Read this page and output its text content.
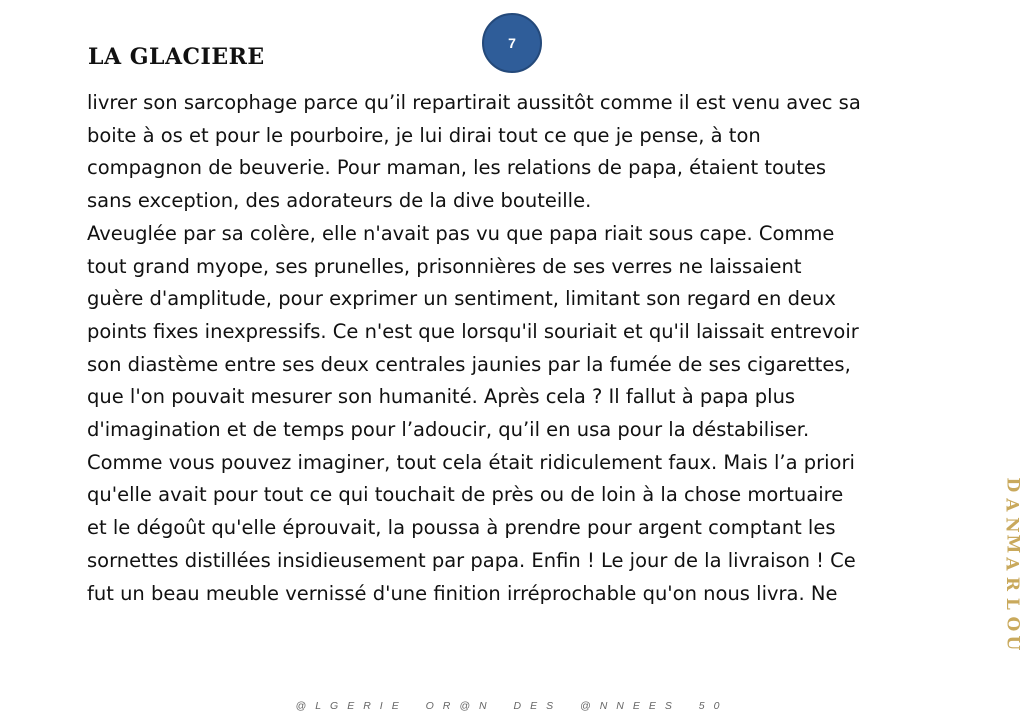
7
LA GLACIERE
livrer son sarcophage parce qu’il repartirait aussitôt comme il est venu avec sa
boite à os et pour le pourboire, je lui dirai tout ce que je pense, à ton
compagnon de beuverie. Pour maman, les relations de papa, étaient toutes
sans exception, des adorateurs de la dive bouteille.
Aveuglée par sa colère, elle n'avait pas vu que papa riait sous cape. Comme
tout grand myope, ses prunelles, prisonnières de ses verres ne laissaient
guère d'amplitude, pour exprimer un sentiment, limitant son regard en deux
points fixes inexpressifs. Ce n'est que lorsqu'il souriait et qu'il laissait entrevoir
son diastème entre ses deux centrales jaunies par la fumée de ses cigarettes,
que l'on pouvait mesurer son humanité. Après cela ? Il fallut à papa plus
d'imagination et de temps pour l’adoucir, qu’il en usa pour la déstabiliser.
Comme vous pouvez imaginer, tout cela était ridiculement faux. Mais l’a priori
qu'elle avait pour tout ce qui touchait de près ou de loin à la chose mortuaire
et le dégoût qu'elle éprouvait, la poussa à prendre pour argent comptant les
sornettes distillées insidieusement par papa. Enfin ! Le jour de la livraison ! Ce
fut un beau meuble vernissé d'une finition irréprochable qu'on nous livra. Ne
D
A
N
M
A
R
L
O
U
@LGERIE OR@N DES @NNEES 50
